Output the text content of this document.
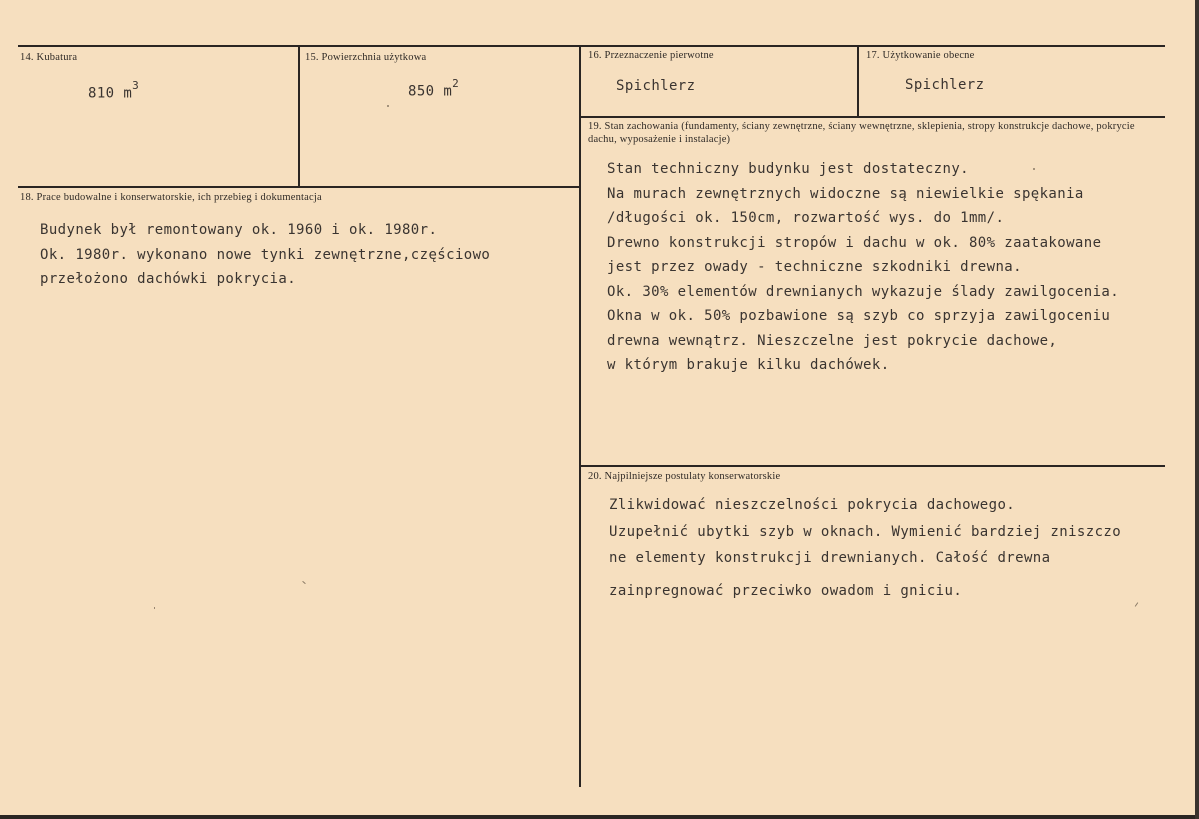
14. Kubatura
810 $m^3$
15. Powierzchnia użytkowa
850 $m^2$
16. Przeznaczenie pierwotne
Spichlerz
17. Użytkowanie obecne
Spichlerz
18. Prace budowalne i konserwatorskie, ich przebieg i dokumentacja
Budynek był remontowany ok. 1960 i ok. 1980r.
Ok. 1980r. wykonano nowe tynki zewnętrzne,częściowo
przełożono dachówki pokrycia.
19. Stan zachowania (fundamenty, ściany zewnętrzne, ściany wewnętrzne, sklepienia, stropy konstrukcje dachowe, pokrycie dachu, wyposażenie i instalacje)
Stan techniczny budynku jest dostateczny.
Na murach zewnętrznych widoczne są niewielkie spękania
/długości ok. 150cm, rozwartość wys. do 1mm/.
Drewno konstrukcji stropów i dachu w ok. 80% zaatakowane
jest przez owady - techniczne szkodniki drewna.
Ok. 30% elementów drewnianych wykazuje ślady zawilgocenia.
Okna w ok. 50% pozbawione są szyb co sprzyja zawilgoceniu
drewna wewnątrz. Nieszczelne jest pokrycie dachowe,
w którym brakuje kilku dachówek.
20. Najpilniejsze postulaty konserwatorskie
Zlikwidować nieszczelności pokrycia dachowego.
Uzupełnić ubytki szyb w oknach. Wymienić bardziej zniszczo
ne elementy konstrukcji drewnianych. Całość drewna
zainpregnować przeciwko owadom i gniciu.
